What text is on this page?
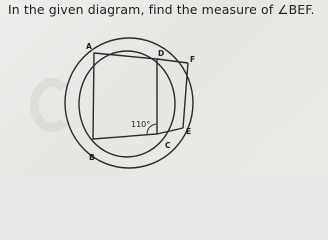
In the given diagram, find the measure of ∠BEF.
A
D
F
C
E
B
110°
